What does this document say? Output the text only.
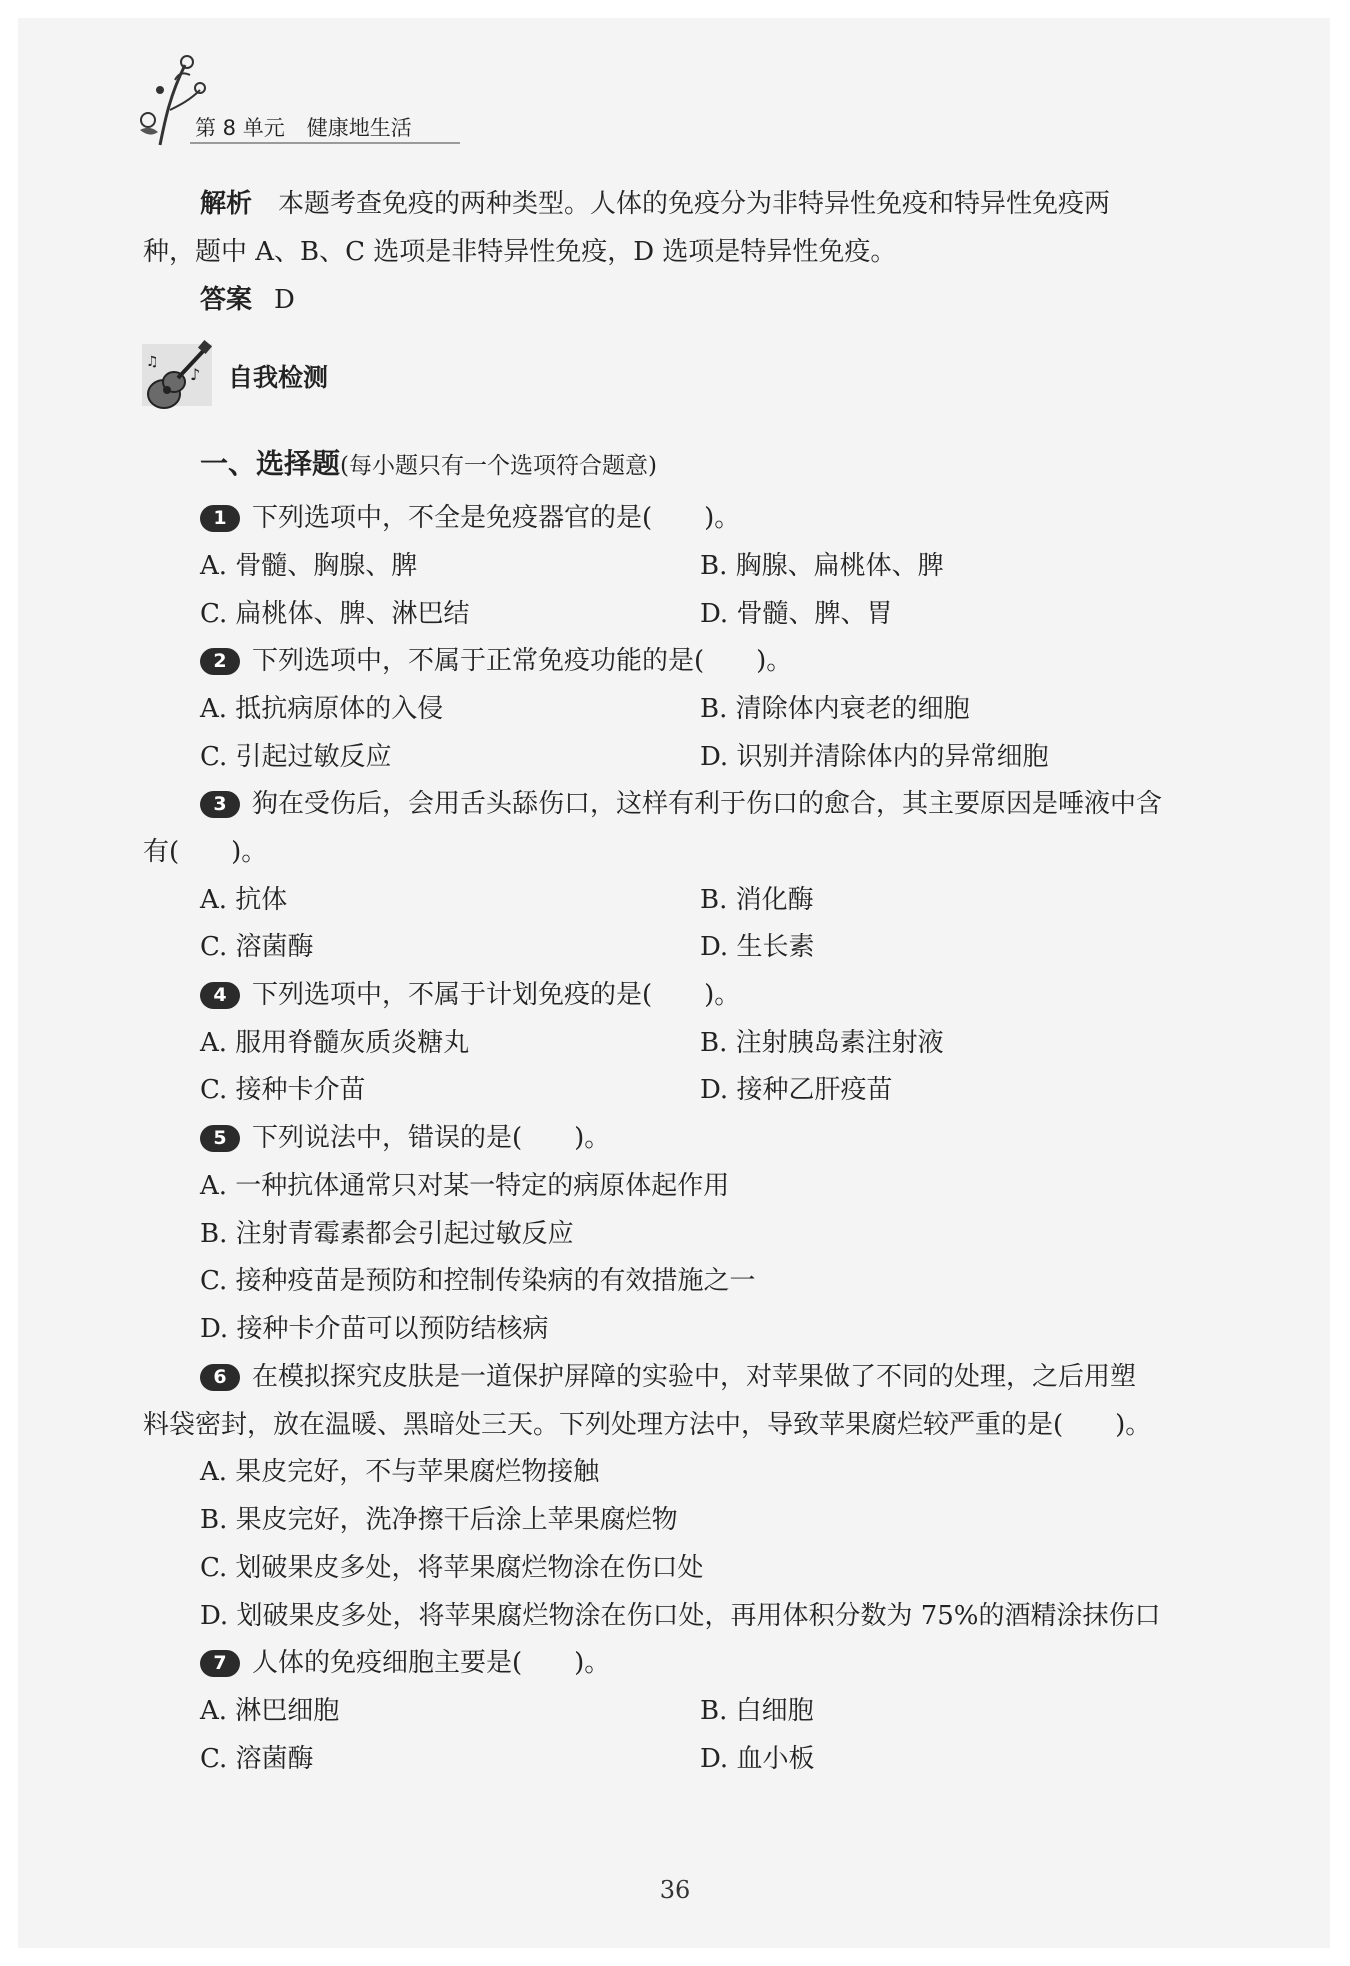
第 8 单元 健康地生活
解析 本题考查免疫的两种类型。人体的免疫分为非特异性免疫和特异性免疫两
种，题中 A、B、C 选项是非特异性免疫，D 选项是特异性免疫。
答案 D
♪
♫
自我检测
一、选择题(每小题只有一个选项符合题意)
1 下列选项中，不全是免疫器官的是(　　)。
A. 骨髓、胸腺、脾	B. 胸腺、扁桃体、脾
C. 扁桃体、脾、淋巴结	D. 骨髓、脾、胃
2 下列选项中，不属于正常免疫功能的是(　　)。
A. 抵抗病原体的入侵	B. 清除体内衰老的细胞
C. 引起过敏反应	D. 识别并清除体内的异常细胞
3 狗在受伤后，会用舌头舔伤口，这样有利于伤口的愈合，其主要原因是唾液中含
有(　　)。
A. 抗体	B. 消化酶
C. 溶菌酶	D. 生长素
4 下列选项中，不属于计划免疫的是(　　)。
A. 服用脊髓灰质炎糖丸	B. 注射胰岛素注射液
C. 接种卡介苗	D. 接种乙肝疫苗
5 下列说法中，错误的是(　　)。
A. 一种抗体通常只对某一特定的病原体起作用
B. 注射青霉素都会引起过敏反应
C. 接种疫苗是预防和控制传染病的有效措施之一
D. 接种卡介苗可以预防结核病
6 在模拟探究皮肤是一道保护屏障的实验中，对苹果做了不同的处理，之后用塑
料袋密封，放在温暖、黑暗处三天。下列处理方法中，导致苹果腐烂较严重的是(　　)。
A. 果皮完好，不与苹果腐烂物接触
B. 果皮完好，洗净擦干后涂上苹果腐烂物
C. 划破果皮多处，将苹果腐烂物涂在伤口处
D. 划破果皮多处，将苹果腐烂物涂在伤口处，再用体积分数为 75%的酒精涂抹伤口
7 人体的免疫细胞主要是(　　)。
A. 淋巴细胞	B. 白细胞
C. 溶菌酶	D. 血小板
36
